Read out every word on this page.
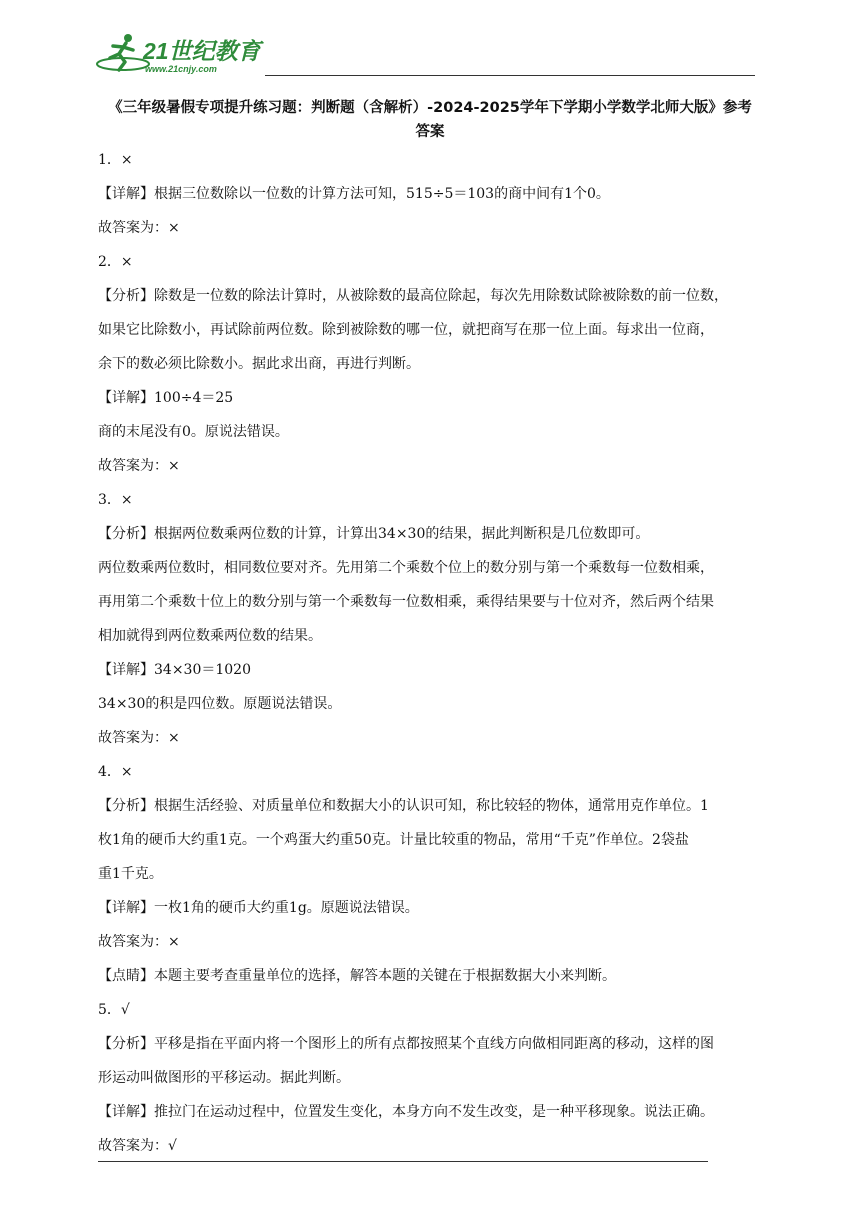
21世纪教育
www.21cnjy.com
《三年级暑假专项提升练习题：判断题（含解析）-2024-2025学年下学期小学数学北师大版》参考
答案
1．×
【详解】根据三位数除以一位数的计算方法可知，515÷5＝103的商中间有1个0。
故答案为：×
2．×
【分析】除数是一位数的除法计算时，从被除数的最高位除起，每次先用除数试除被除数的前一位数，
如果它比除数小，再试除前两位数。除到被除数的哪一位，就把商写在那一位上面。每求出一位商，
余下的数必须比除数小。据此求出商，再进行判断。
【详解】100÷4＝25
商的末尾没有0。原说法错误。
故答案为：×
3．×
【分析】根据两位数乘两位数的计算，计算出34×30的结果，据此判断积是几位数即可。
两位数乘两位数时，相同数位要对齐。先用第二个乘数个位上的数分别与第一个乘数每一位数相乘，
再用第二个乘数十位上的数分别与第一个乘数每一位数相乘，乘得结果要与十位对齐，然后两个结果
相加就得到两位数乘两位数的结果。
【详解】34×30＝1020
34×30的积是四位数。原题说法错误。
故答案为：×
4．×
【分析】根据生活经验、对质量单位和数据大小的认识可知，称比较轻的物体，通常用克作单位。1
枚1角的硬币大约重1克。一个鸡蛋大约重50克。计量比较重的物品，常用“千克”作单位。2袋盐
重1千克。
【详解】一枚1角的硬币大约重1g。原题说法错误。
故答案为：×
【点睛】本题主要考查重量单位的选择，解答本题的关键在于根据数据大小来判断。
5．√
【分析】平移是指在平面内将一个图形上的所有点都按照某个直线方向做相同距离的移动，这样的图
形运动叫做图形的平移运动。据此判断。
【详解】推拉门在运动过程中，位置发生变化，本身方向不发生改变，是一种平移现象。说法正确。
故答案为：√
